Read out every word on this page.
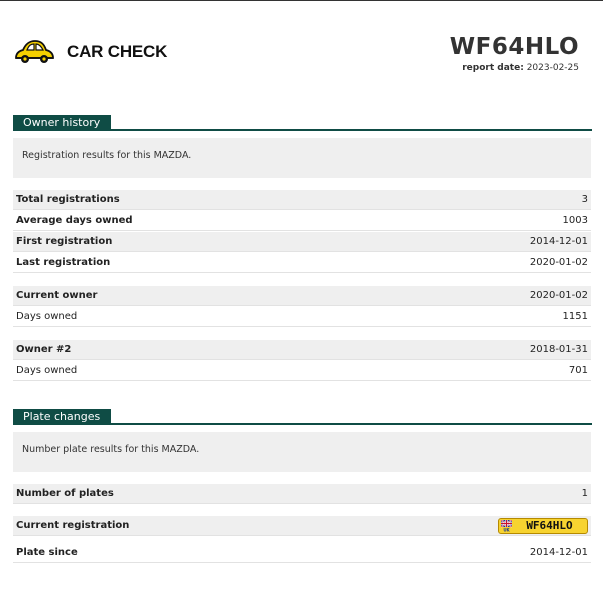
CAR CHECK	WF64HLO
report date: 2023-02-25
Owner history
Registration results for this MAZDA.
Total registrations	3
Average days owned	1003
First registration	2014-12-01
Last registration	2020-01-02
Current owner	2020-01-02
Days owned	1151
Owner #2	2018-01-31
Days owned	701
Plate changes
Number plate results for this MAZDA.
Number of plates	1
Current registration	UK	WF64HLO
Plate since	2014-12-01
